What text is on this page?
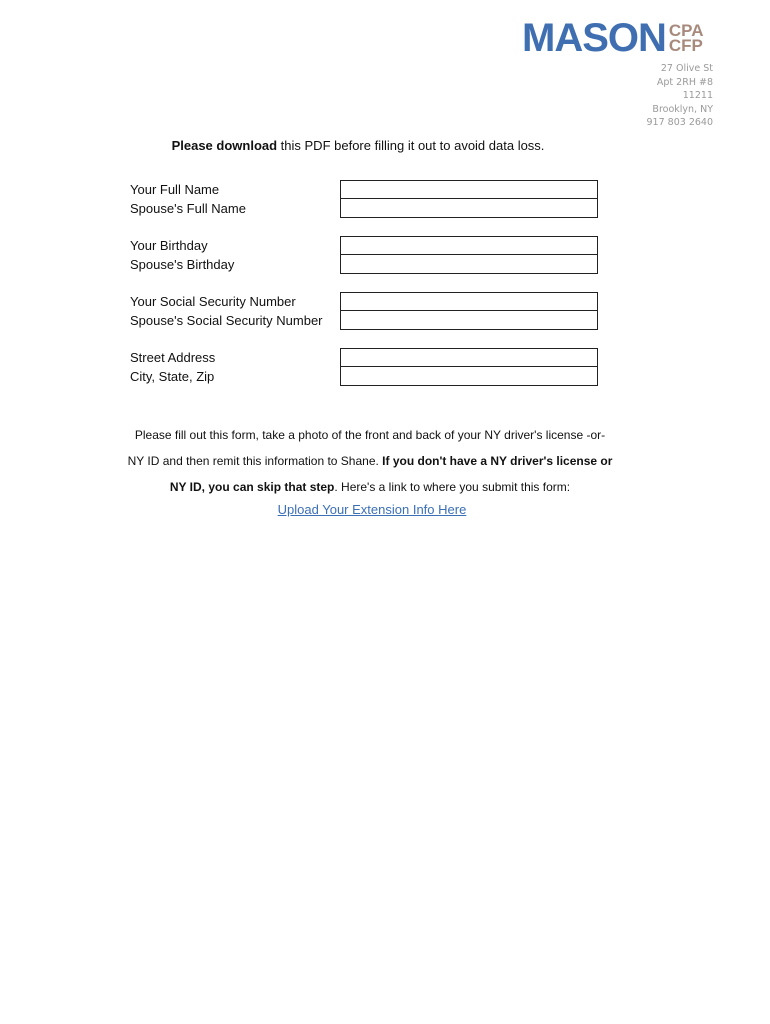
MASON CPA
CFP
27 Olive St
Apt 2RH #8
11211
Brooklyn, NY
917 803 2640
Please download this PDF before filling it out to avoid data loss.
Your Full Name
Spouse's Full Name
Your Birthday
Spouse's Birthday
Your Social Security Number
Spouse's Social Security Number
Street Address
City, State, Zip
Please fill out this form, take a photo of the front and back of your NY driver's license -or-
NY ID and then remit this information to Shane. If you don't have a NY driver's license or
NY ID, you can skip that step. Here's a link to where you submit this form:
Upload Your Extension Info Here
